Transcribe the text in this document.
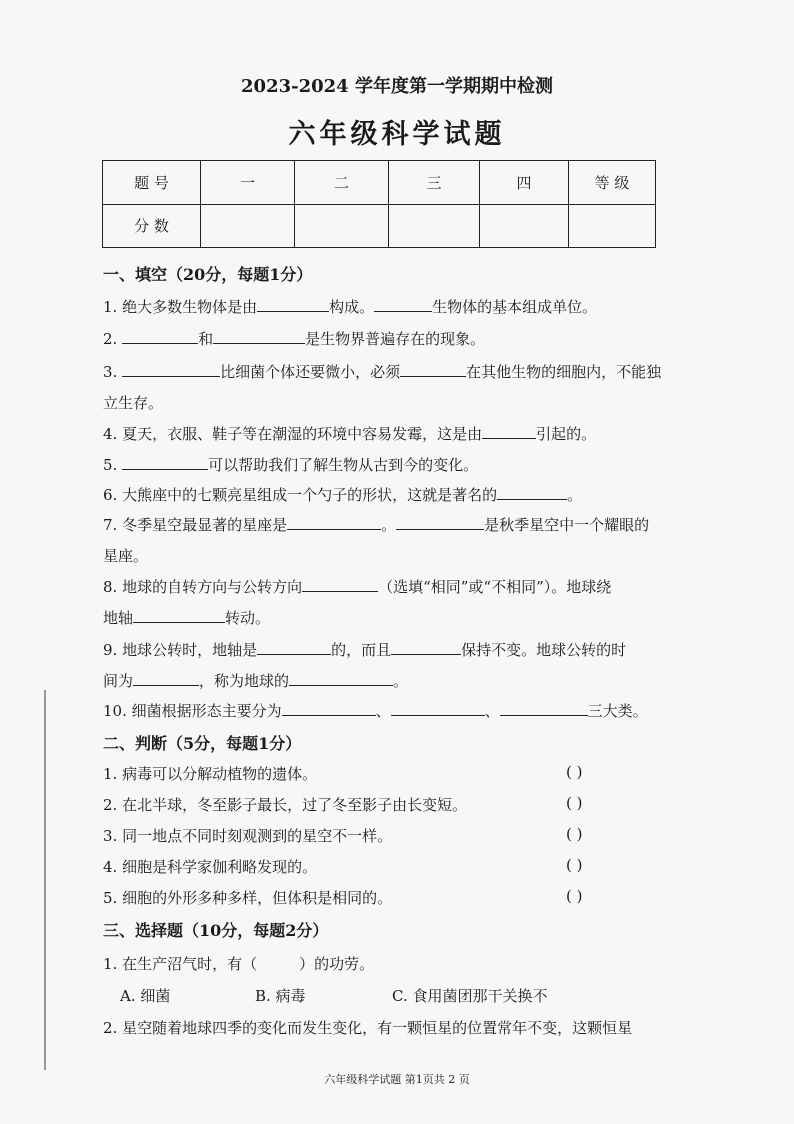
2023-2024 学年度第一学期期中检测
六年级科学试题
题 号	一	二	三	四	等 级
分 数					
一、填空（20分，每题1分）
1. 绝大多数生物体是由	构成。	生物体的基本组成单位。
2.	和	是生物界普遍存在的现象。
3.	比细菌个体还要微小，必须	在其他生物的细胞内，不能独
立生存。
4. 夏天，衣服、鞋子等在潮湿的环境中容易发霉，这是由	引起的。
5.	可以帮助我们了解生物从古到今的变化。
6. 大熊座中的七颗亮星组成一个勺子的形状，这就是著名的	。
7. 冬季星空最显著的星座是	。	是秋季星空中一个耀眼的
星座。
8. 地球的自转方向与公转方向	（选填“相同”或“不相同”）。地球绕
地轴	转动。
9. 地球公转时，地轴是	的，而且	保持不变。地球公转的时
间为	，称为地球的	。
10. 细菌根据形态主要分为	、	、	三大类。
二、判断（5分，每题1分）
1. 病毒可以分解动植物的遗体。	( )
2. 在北半球，冬至影子最长，过了冬至影子由长变短。	( )
3. 同一地点不同时刻观测到的星空不一样。	( )
4. 细胞是科学家伽利略发现的。	( )
5. 细胞的外形多种多样，但体积是相同的。	( )
三、选择题（10分，每题2分）
1. 在生产沼气时，有（	）的功劳。
A. 细菌	B. 病毒	C. 食用菌团那干关换不
2. 星空随着地球四季的变化而发生变化，有一颗恒星的位置常年不变，这颗恒星
六年级科学试题 第1页共 2 页
